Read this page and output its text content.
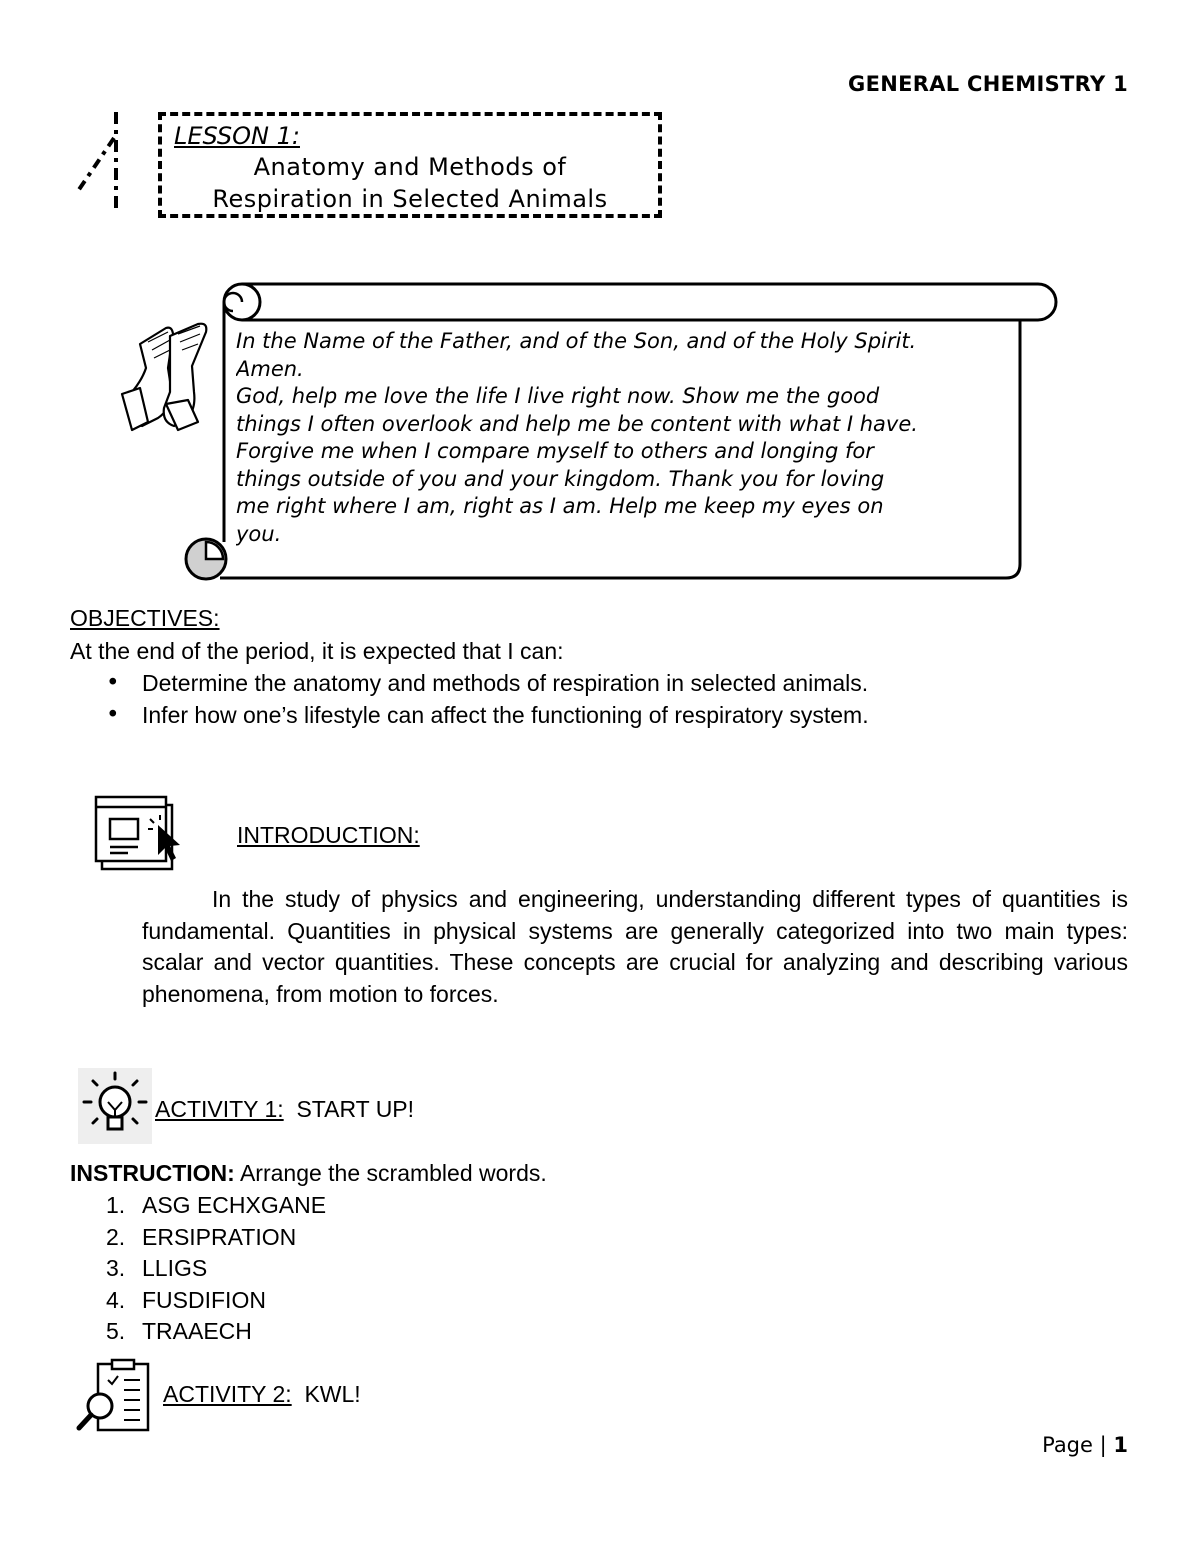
GENERAL CHEMISTRY 1
LESSON 1:
Anatomy and Methods of
Respiration in Selected Animals

In the Name of the Father, and of the Son, and of the Holy Spirit.

Amen.

God, help me love the life I live right now. Show me the good

things I often overlook and help me be content with what I have.

Forgive me when I compare myself to others and longing for

things outside of you and your kingdom. Thank you for loving

me right where I am, right as I am. Help me keep my eyes on

you.

OBJECTIVES:
At the end of the period, it is expected that I can:
• Determine the anatomy and methods of respiration in selected animals.
• Infer how one’s lifestyle can affect the functioning of respiratory system.
INTRODUCTION:

In the study of physics and engineering, understanding different types of quantities is fundamental. Quantities in physical systems are generally categorized into two main types: scalar and vector quantities. These concepts are crucial for analyzing and describing various phenomena, from motion to forces.

ACTIVITY 1: START UP!
INSTRUCTION: Arrange the scrambled words.
1. ASG ECHXGANE
2. ERSIPRATION
3. LLIGS
4. FUSDIFION
5. TRAAECH
ACTIVITY 2: KWL!
Page | 1
